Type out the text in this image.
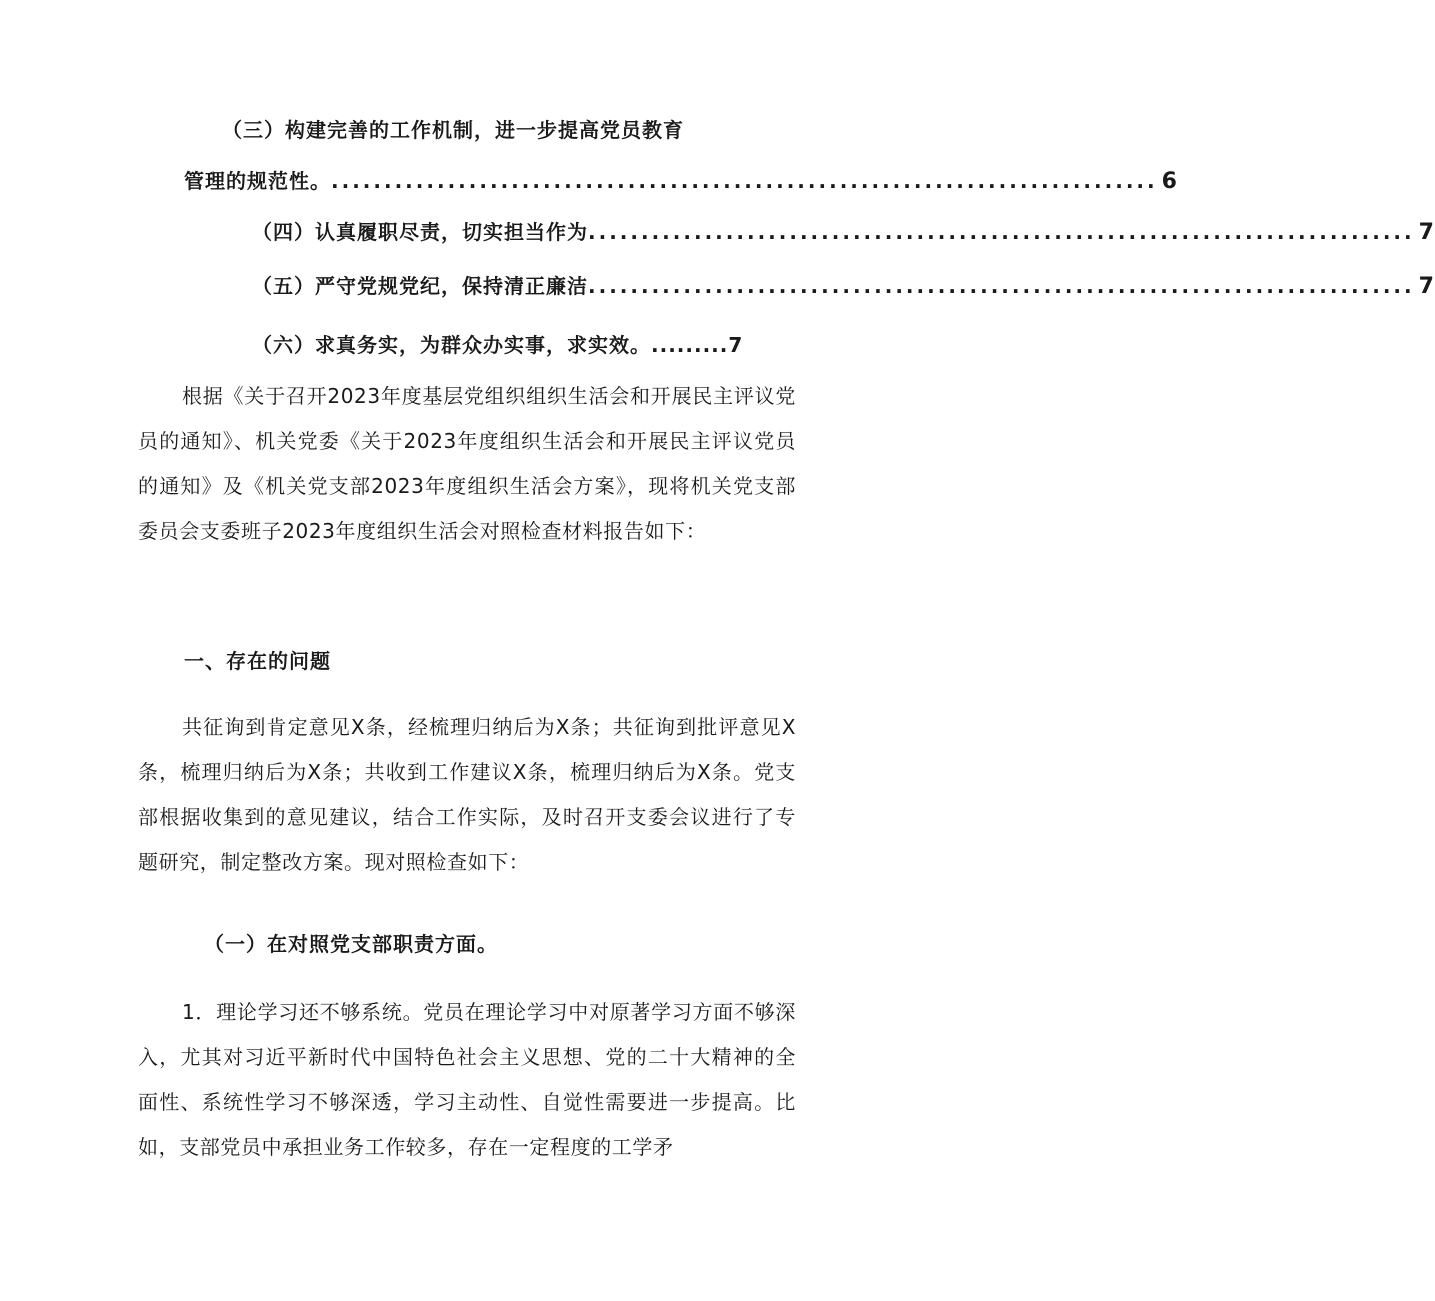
（三）构建完善的工作机制，进一步提高党员教育
管理的规范性。 .............................................................................. 6
（四）认真履职尽责，切实担当作为 .............................................................................. 7
（五）严守党规党纪，保持清正廉洁 .............................................................................. 7
（六）求真务实，为群众办实事，求实效。.........7
根据《关于召开2023年度基层党组织组织生活会和开展民主评议党员的通知》、机关党委《关于2023年度组织生活会和开展民主评议党员的通知》及《机关党支部2023年度组织生活会方案》，现将机关党支部委员会支委班子2023年度组织生活会对照检查材料报告如下：
一、存在的问题
共征询到肯定意见X条，经梳理归纳后为X条；共征询到批评意见X条，梳理归纳后为X条；共收到工作建议X条，梳理归纳后为X条。党支部根据收集到的意见建议，结合工作实际，及时召开支委会议进行了专题研究，制定整改方案。现对照检查如下：
（一）在对照党支部职责方面。
1．理论学习还不够系统。党员在理论学习中对原著学习方面不够深入，尤其对习近平新时代中国特色社会主义思想、党的二十大精神的全面性、系统性学习不够深透，学习主动性、自觉性需要进一步提高。比如，支部党员中承担业务工作较多，存在一定程度的工学矛
